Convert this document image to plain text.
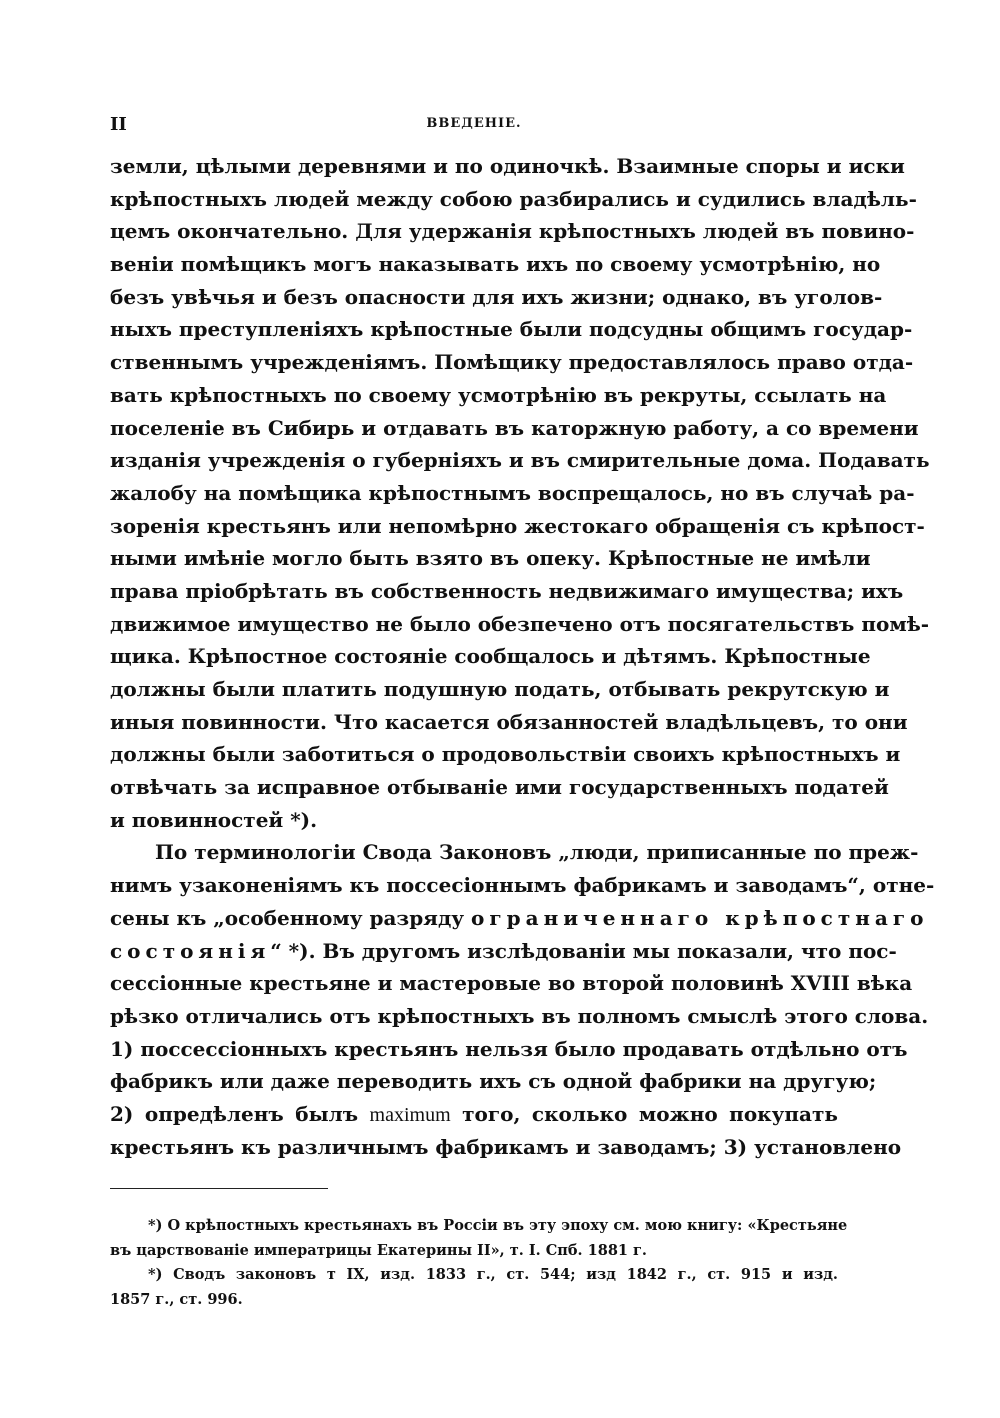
II	ВВЕДЕНIЕ.
земли, цѣлыми деревнями и по одиночкѣ. Взаимные споры и иски
крѣпостныхъ людей между собою разбирались и судились владѣль-
цемъ окончательно. Для удержанiя крѣпостныхъ людей въ повино-
венiи помѣщикъ могъ наказывать ихъ по своему усмотрѣнiю, но
безъ увѣчья и безъ опасности для ихъ жизни; однако, въ уголов-
ныхъ преступленiяхъ крѣпостные были подсудны общимъ государ-
ственнымъ учрежденiямъ. Помѣщику предоставлялось право отда-
вать крѣпостныхъ по своему усмотрѣнiю въ рекруты, ссылать на
поселенiе въ Сибирь и отдавать въ каторжную работу, а со времени
изданiя учрежденiя о губернiяхъ и въ смирительные дома. Подавать
жалобу на помѣщика крѣпостнымъ воспрещалось, но въ случаѣ ра-
зоренiя крестьянъ или непомѣрно жестокаго обращенiя съ крѣпост-
ными имѣнiе могло быть взято въ опеку. Крѣпостные не имѣли
права прiобрѣтать въ собственность недвижимаго имущества; ихъ
движимое имущество не было обезпечено отъ посягательствъ помѣ-
щика. Крѣпостное состоянiе сообщалось и дѣтямъ. Крѣпостные
должны были платить подушную подать, отбывать рекрутскую и
иныя повинности. Что касается обязанностей владѣльцевъ, то они
должны были заботиться о продовольствiи своихъ крѣпостныхъ и
отвѣчать за исправное отбыванiе ими государственныхъ податей
и повинностей *).
По терминологiи Свода Законовъ „люди, приписанные по преж-
нимъ узаконенiямъ къ поссесiоннымъ фабрикамъ и заводамъ“, отне-
сены къ „особенному разряду ограниченнаго крѣпостнаго
состоянiя“ *). Въ другомъ изслѣдованiи мы показали, что пос-
сессiонные крестьяне и мастеровые во второй половинѣ XVIII вѣка
рѣзко отличались отъ крѣпостныхъ въ полномъ смыслѣ этого слова.
1) поссессiонныхъ крестьянъ нельзя было продавать отдѣльно отъ
фабрикъ или даже переводить ихъ съ одной фабрики на другую;
2) опредѣленъ былъ maximum того, сколько можно покупать
крестьянъ къ различнымъ фабрикамъ и заводамъ; 3) установлено
*) О крѣпостныхъ крестьянахъ въ Россiи въ эту эпоху см. мою книгу: «Крестьяне
въ царствованiе императрицы Екатерины II», т. I. Спб. 1881 г.
*) Сводъ законовъ т IX, изд. 1833 г., ст. 544; изд 1842 г., ст. 915 и изд.
1857 г., ст. 996.
